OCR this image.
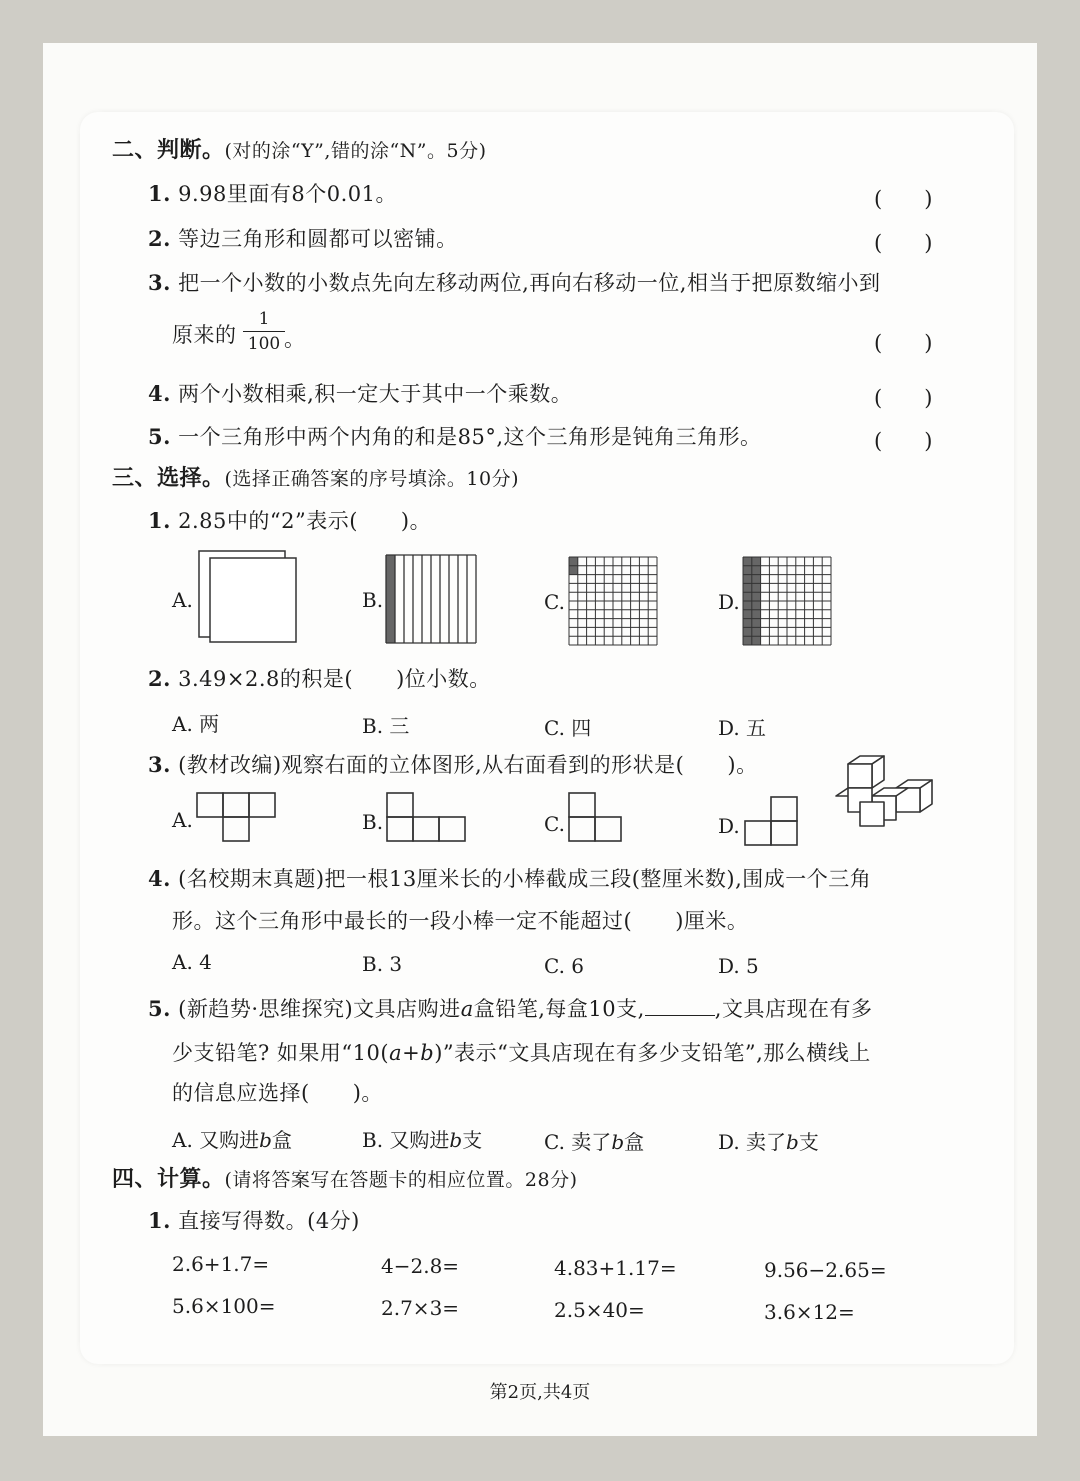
二、判断。(对的涂“Y”,错的涂“N”。5分)
1. 9.98里面有8个0.01。	(　　)
2. 等边三角形和圆都可以密铺。	(　　)
3. 把一个小数的小数点先向左移动两位,再向右移动一位,相当于把原数缩小到
原来的
1
100 。	(　　)
4. 两个小数相乘,积一定大于其中一个乘数。	(　　)
5. 一个三角形中两个内角的和是85°,这个三角形是钝角三角形。	(　　)
三、选择。(选择正确答案的序号填涂。10分)
1. 2.85中的“2”表示(　　)。
A.	B.	C.	D.
2. 3.49×2.8的积是(　　)位小数。
A. 两	B. 三	C. 四	D. 五
3. (教材改编)观察右面的立体图形,从右面看到的形状是(　　)。
A.	B.	C.	D.
4. (名校期末真题)把一根13厘米长的小棒截成三段(整厘米数),围成一个三角
形。这个三角形中最长的一段小棒一定不能超过(　　)厘米。
A. 4	B. 3	C. 6	D. 5
5. (新趋势·思维探究)文具店购进a盒铅笔,每盒10支,	,文具店现在有多
少支铅笔? 如果用“10(a+b)”表示“文具店现在有多少支铅笔”,那么横线上
的信息应选择(　　)。
A. 又购进b盒	B. 又购进b支	C. 卖了b盒	D. 卖了b支
四、计算。(请将答案写在答题卡的相应位置。28分)
1. 直接写得数。(4分)
2.6+1.7=	4−2.8=	4.83+1.17=	9.56−2.65=
5.6×100=	2.7×3=	2.5×40=	3.6×12=
第2页,共4页
